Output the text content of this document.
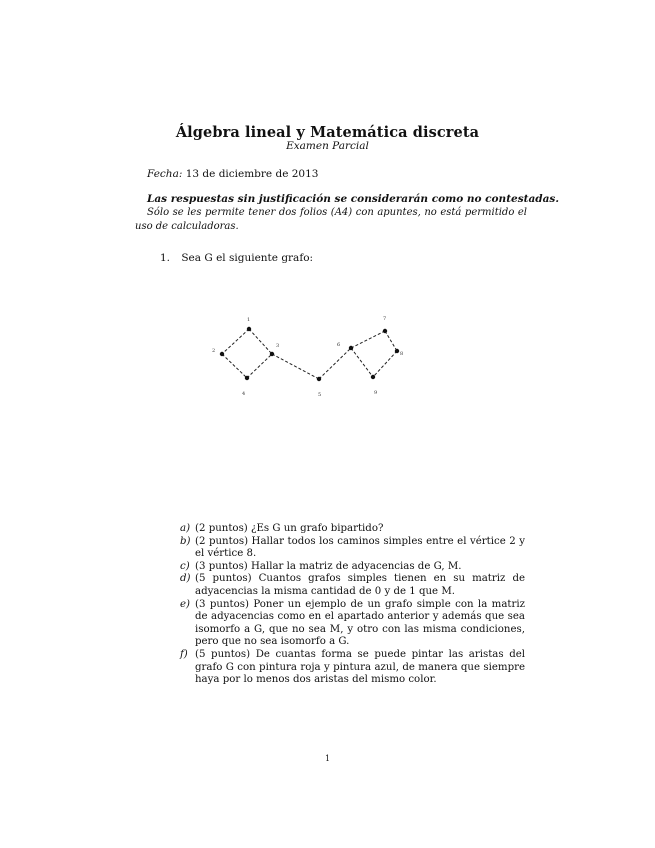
Álgebra lineal y Matemática discreta
Examen Parcial
Fecha: 13 de diciembre de 2013
Las respuestas sin justificación se considerarán como no contestadas.
Sólo se les permite tener dos folios (A4) con apuntes, no está permitido el uso de calculadoras.
1. Sea G el siguiente grafo:
1
2
3
4	5
6
7
8
9
a) (2 puntos) ¿Es G un grafo bipartido?
b) (2 puntos) Hallar todos los caminos simples entre el vértice 2 y el vértice 8.
c) (3 puntos) Hallar la matriz de adyacencias de G, M.
d) (5 puntos) Cuantos grafos simples tienen en su matriz de adyacencias la misma cantidad de 0 y de 1 que M.
e) (3 puntos) Poner un ejemplo de un grafo simple con la matriz de adyacencias como en el apartado anterior y además que sea isomorfo a G, que no sea M, y otro con las misma condiciones, pero que no sea isomorfo a G.
f) (5 puntos) De cuantas forma se puede pintar las aristas del grafo G con pintura roja y pintura azul, de manera que siempre haya por lo menos dos aristas del mismo color.
1
